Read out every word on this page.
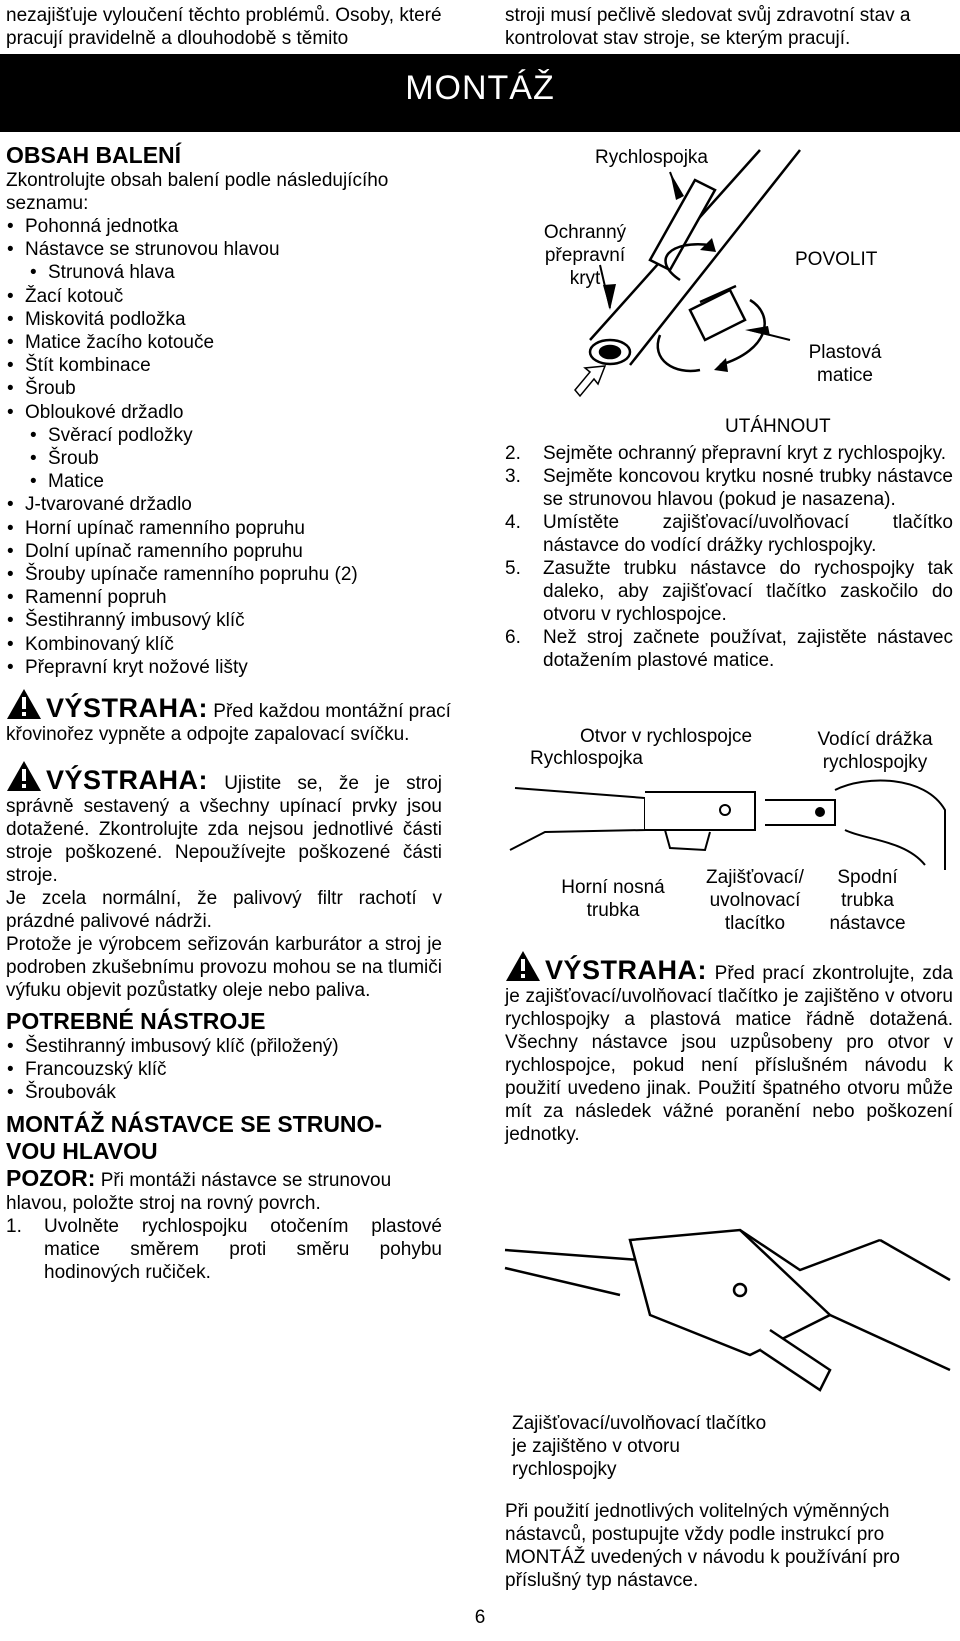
nezajišťuje vyloučení těchto problémů. Osoby, které pracují pravidelně a dlouhodobě s těmito
stroji musí pečlivě sledovat svůj zdravotní stav a kontrolovat stav stroje, se kterým pracují.
MONTÁŽ
OBSAH BALENÍ
Zkontrolujte obsah balení podle následujícího seznamu:
• Pohonná jednotka
• Nástavce se strunovou hlavou
• Strunová hlava
• Žací kotouč
• Miskovitá podložka
• Matice žacího kotouče
• Štít kombinace
• Šroub
• Obloukové držadlo
• Svěrací podložky
• Šroub
• Matice
• J-tvarované držadlo
• Horní upínač ramenního popruhu
• Dolní upínač ramenního popruhu
• Šrouby upínače ramenního popruhu (2)
• Ramenní popruh
• Šestihranný imbusový klíč
• Kombinovaný klíč
• Přepravní kryt nožové lišty
VÝSTRAHA: Před každou montážní prací křovinořez vypněte a odpojte zapalovací svíčku.
VÝSTRAHA: Ujistite se, že je stroj správně sestavený a všechny upínací prvky jsou dotažené. Zkontrolujte zda nejsou jednotlivé části stroje poškozené. Nepoužívejte poškozené části stroje.
Je zcela normální, že palivový filtr rachotí v prázdné palivové nádrži.
Protože je výrobcem seřizován karburátor a stroj je podroben zkušebnímu provozu mohou se na tlumiči výfuku objevit pozůstatky oleje nebo paliva.
POTREBNÉ NÁSTROJE
• Šestihranný imbusový klíč (přiložený)
• Francouzský klíč
• Šroubovák
MONTÁŽ NÁSTAVCE SE STRUNO-VOU HLAVOU
POZOR: Při montáži nástavce se strunovou hlavou, položte stroj na rovný povrch.
1. Uvolněte rychlospojku otočením plastové matice směrem proti směru pohybu hodinových ručiček.
Rychlospojka
Ochranný přepravní kryt
POVOLIT
Plastová matice
UTÁHNOUT
2. Sejměte ochranný přepravní kryt z rychlospojky.
3. Sejměte koncovou krytku nosné trubky nástavce se strunovou hlavou (pokud je nasazena).
4. Umístěte zajišťovací/uvolňovací tlačítko nástavce do vodící drážky rychlospojky.
5. Zasužte trubku nástavce do rychospojky tak daleko, aby zajišťovací tlačítko zaskočilo do otvoru v rychlospojce.
6. Než stroj začnete používat, zajistěte nástavec dotažením plastové matice.
Otvor v rychlospojce	Vodící drážka rychlospojky
Rychlospojka
Horní nosná trubka
Zajišťovací/ uvolnovací tlacítko
Spodní trubka nástavce
VÝSTRAHA: Před prací zkontrolujte, zda je zajišťovací/uvolňovací tlačítko je zajištěno v otvoru rychlospojky a plastová matice řádně dotažená. Všechny nástavce jsou uzpůsobeny pro otvor v rychlospojce, pokud není příslušném návodu k použití uvedeno jinak. Použití špatného otvoru může mít za následek vážné poranění nebo poškození jednotky.
Zajišťovací/uvolňovací tlačítko je zajištěno v otvoru rychlospojky
Při použití jednotlivých volitelných výměnných nástavců, postupujte vždy podle instrukcí pro MONTÁŽ uvedených v návodu k používání pro příslušný typ nástavce.
6
